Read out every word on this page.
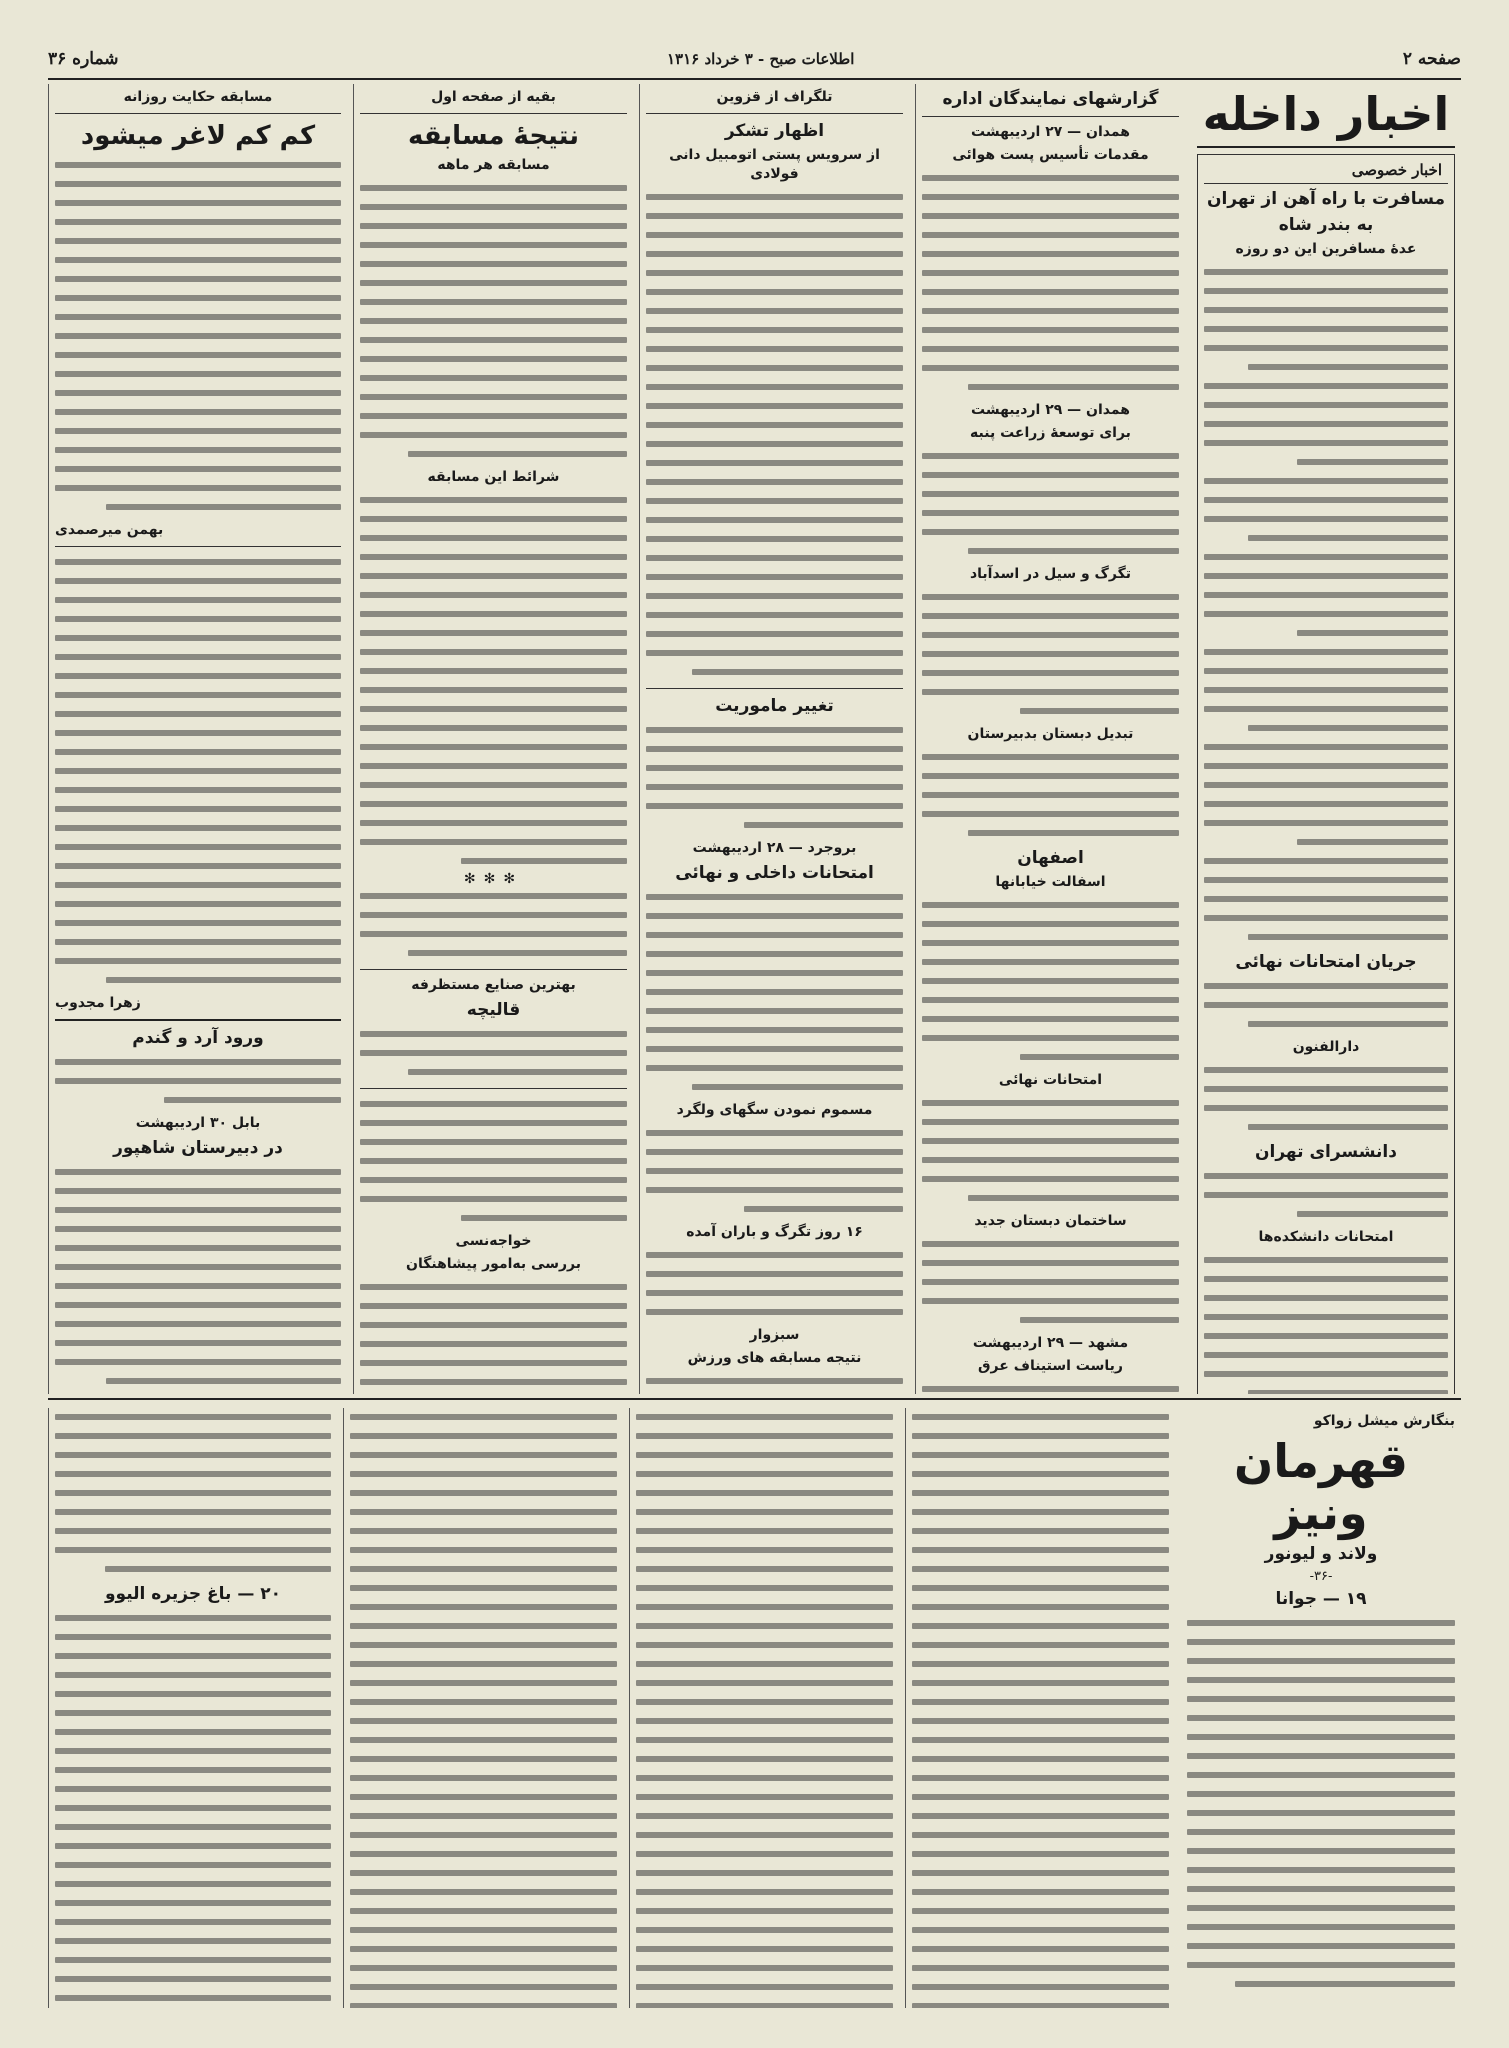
صفحه ۲
اطلاعات صبح - ۳ خرداد ۱۳۱۶
شماره ۳۶
اخبار داخله
اخبار خصوصی
مسافرت با راه آهن از تهران
به بندر شاه
عدهٔ مسافرین این دو روزه
جریان امتحانات نهائی
دارالفنون
دانشسرای تهران
امتحانات دانشکده‌ها
گزارشهای نمایندگان اداره
همدان — ۲۷ اردیبهشت
مقدمات تأسیس پست هوائی
همدان — ۲۹ اردیبهشت
برای توسعهٔ زراعت پنبه
تگرگ و سیل در اسدآباد
تبدیل دبستان بدبیرستان
اصفهان
اسفالت خیابانها
امتحانات نهائی
ساختمان دبستان جدید
مشهد — ۲۹ اردیبهشت
ریاست استیناف عرق
تلگراف از قزوین
اظهار تشکر
از سرویس پستی اتومبیل دانی فولادی
تغییر ماموریت
بروجرد — ۲۸ اردیبهشت
امتحانات داخلی و نهائی
مسموم نمودن سگهای ولگرد
۱۶ روز تگرگ و باران آمده
سبزوار
نتیجه مسابقه های ورزش
بقیه از صفحه اول
نتیجهٔ مسابقه
مسابقه هر ماهه
شرائط این مسابقه
✻✻✻
بهترین صنایع مستظرفه
قالیچه
خواجه‌نسی
بررسی به‌امور پیشاهنگان
مسابقه حکایت روزانه
کم کم لاغر میشود
بهمن میرصمدی
زهرا مجدوب
ورود آرد و گندم
بابل ۳۰ اردیبهشت
در دبیرستان شاهپور
بنگارش میشل زواکو
قهرمان ونیز
ولاند و لیونور
-۳۶-
۱۹ — جوانا
۲۰ — باغ جزیره الیوو
